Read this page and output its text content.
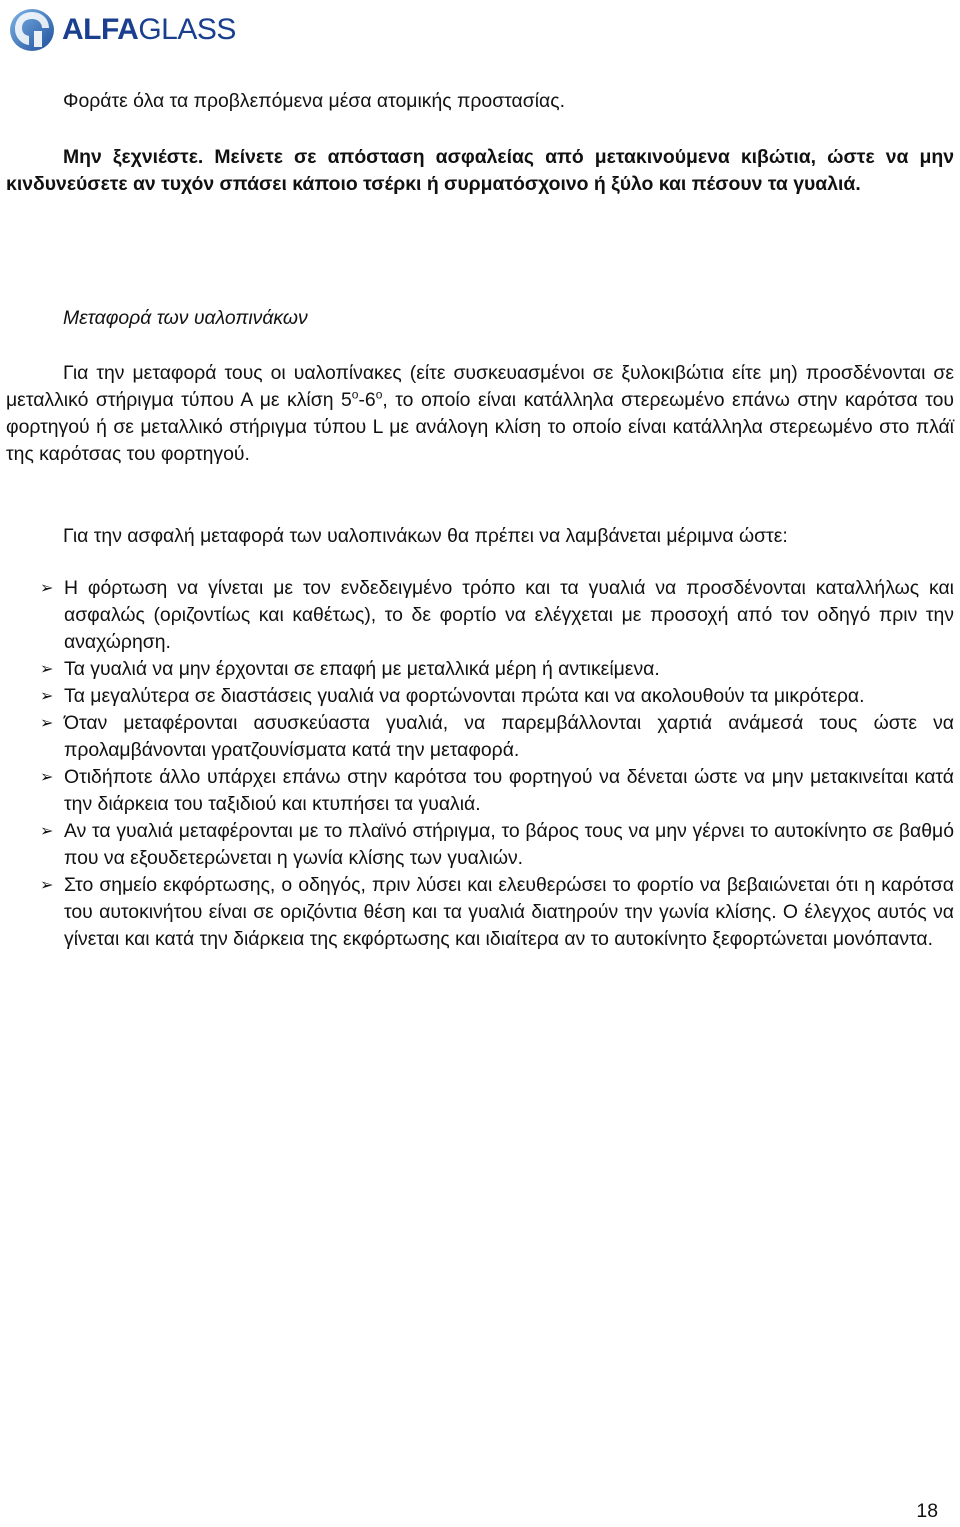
ALFAGLASS

Φοράτε όλα τα προβλεπόμενα μέσα ατομικής προστασίας.

Μην ξεχνιέστε. Μείνετε σε απόσταση ασφαλείας από μετακινούμενα κιβώτια, ώστε να μην κινδυνεύσετε αν τυχόν σπάσει κάποιο τσέρκι ή συρματόσχοινο ή ξύλο και πέσουν τα γυαλιά.

Μεταφορά των υαλοπινάκων

Για την μεταφορά τους οι υαλοπίνακες (είτε συσκευασμένοι σε ξυλοκιβώτια είτε μη) προσδένονται σε μεταλλικό στήριγμα τύπου Α με κλίση $5^o-6^o$, το οποίο είναι κατάλληλα στερεωμένο επάνω στην καρότσα του φορτηγού ή σε μεταλλικό στήριγμα τύπου L με ανάλογη κλίση το οποίο είναι κατάλληλα στερεωμένο στο πλάϊ της καρότσας του φορτηγού.

Για την ασφαλή μεταφορά των υαλοπινάκων θα πρέπει να λαμβάνεται μέριμνα ώστε:

➢ Η φόρτωση να γίνεται με τον ενδεδειγμένο τρόπο και τα γυαλιά να προσδένονται καταλλήλως και ασφαλώς (οριζοντίως και καθέτως), το δε φορτίο να ελέγχεται με προσοχή από τον οδηγό πριν την αναχώρηση.
➢ Τα γυαλιά να μην έρχονται σε επαφή με μεταλλικά μέρη ή αντικείμενα.
➢ Τα μεγαλύτερα σε διαστάσεις γυαλιά να φορτώνονται πρώτα και να ακολουθούν τα μικρότερα.
➢ Όταν μεταφέρονται ασυσκεύαστα γυαλιά, να παρεμβάλλονται χαρτιά ανάμεσά τους ώστε να προλαμβάνονται γρατζουνίσματα κατά την μεταφορά.
➢ Οτιδήποτε άλλο υπάρχει επάνω στην καρότσα του φορτηγού να δένεται ώστε να μην μετακινείται κατά την διάρκεια του ταξιδιού και κτυπήσει τα γυαλιά.
➢ Αν τα γυαλιά μεταφέρονται με το πλαϊνό στήριγμα, το βάρος τους να μην γέρνει το αυτοκίνητο σε βαθμό που να εξουδετερώνεται η γωνία κλίσης των γυαλιών.
➢ Στο σημείο εκφόρτωσης, ο οδηγός, πριν λύσει και ελευθερώσει το φορτίο να βεβαιώνεται ότι η καρότσα του αυτοκινήτου είναι σε οριζόντια θέση και τα γυαλιά διατηρούν την γωνία κλίσης. Ο έλεγχος αυτός να γίνεται και κατά την διάρκεια της εκφόρτωσης και ιδιαίτερα αν το αυτοκίνητο ξεφορτώνεται μονόπαντα.
18
